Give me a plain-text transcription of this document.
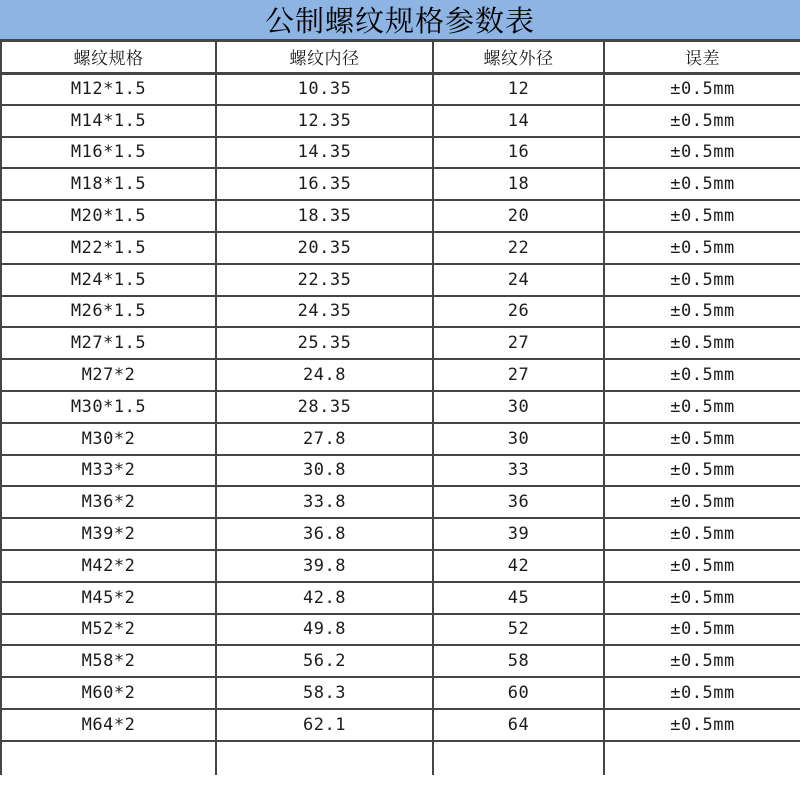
公制螺纹规格参数表
螺纹规格	螺纹内径	螺纹外径	误差
M12*1.5	10.35	12	±0.5mm
M14*1.5	12.35	14	±0.5mm
M16*1.5	14.35	16	±0.5mm
M18*1.5	16.35	18	±0.5mm
M20*1.5	18.35	20	±0.5mm
M22*1.5	20.35	22	±0.5mm
M24*1.5	22.35	24	±0.5mm
M26*1.5	24.35	26	±0.5mm
M27*1.5	25.35	27	±0.5mm
M27*2	24.8	27	±0.5mm
M30*1.5	28.35	30	±0.5mm
M30*2	27.8	30	±0.5mm
M33*2	30.8	33	±0.5mm
M36*2	33.8	36	±0.5mm
M39*2	36.8	39	±0.5mm
M42*2	39.8	42	±0.5mm
M45*2	42.8	45	±0.5mm
M52*2	49.8	52	±0.5mm
M58*2	56.2	58	±0.5mm
M60*2	58.3	60	±0.5mm
M64*2	62.1	64	±0.5mm
